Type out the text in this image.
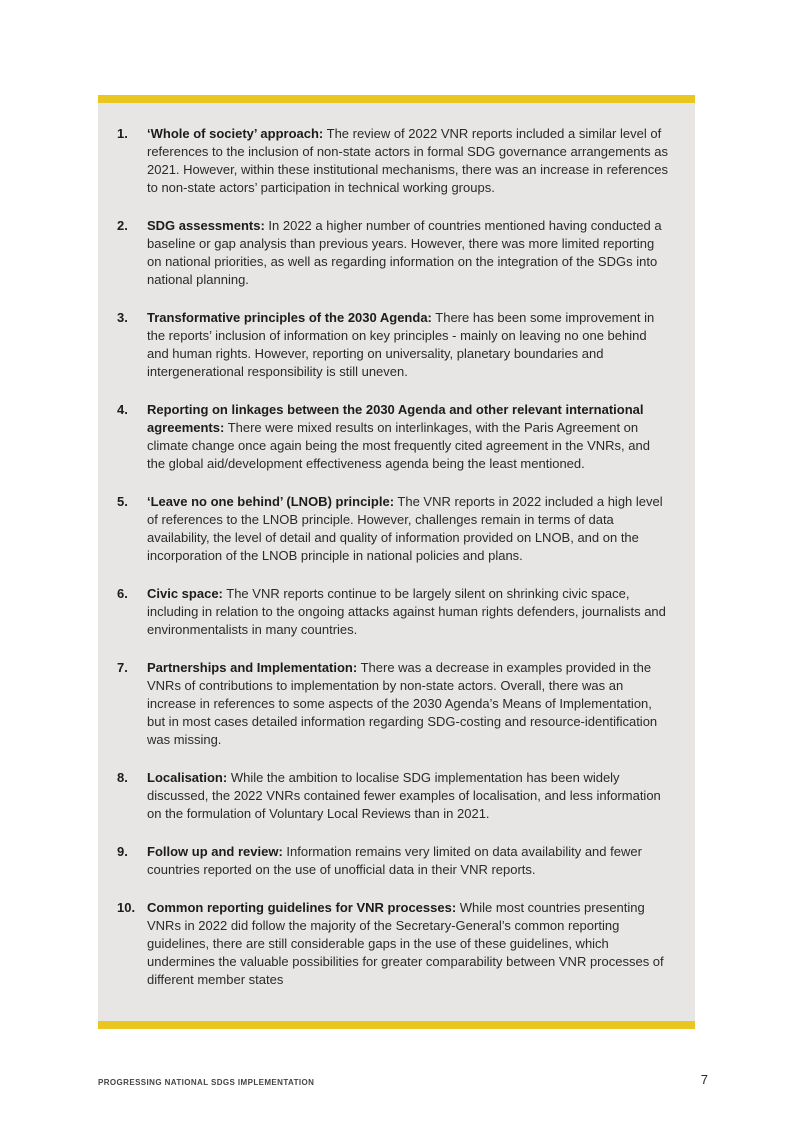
1.	‘Whole of society’ approach: The review of 2022 VNR reports included a similar level of references to the inclusion of non-state actors in formal SDG governance arrangements as 2021. However, within these institutional mechanisms, there was an increase in references to non-state actors’ participation in technical working groups.
2.	SDG assessments: In 2022 a higher number of countries mentioned having conducted a baseline or gap analysis than previous years. However, there was more limited reporting on national priorities, as well as regarding information on the integration of the SDGs into national planning.
3.	Transformative principles of the 2030 Agenda: There has been some improvement in the reports’ inclusion of information on key principles - mainly on leaving no one behind and human rights. However, reporting on universality, planetary boundaries and intergenerational responsibility is still uneven.
4.	Reporting on linkages between the 2030 Agenda and other relevant international agreements: There were mixed results on interlinkages, with the Paris Agreement on climate change once again being the most frequently cited agreement in the VNRs, and the global aid/development effectiveness agenda being the least mentioned.
5.	‘Leave no one behind’ (LNOB) principle: The VNR reports in 2022 included a high level of references to the LNOB principle. However, challenges remain in terms of data availability, the level of detail and quality of information provided on LNOB, and on the incorporation of the LNOB principle in national policies and plans.
6.	Civic space: The VNR reports continue to be largely silent on shrinking civic space, including in relation to the ongoing attacks against human rights defenders, journalists and environmentalists in many countries.
7.	Partnerships and Implementation: There was a decrease in examples provided in the VNRs of contributions to implementation by non-state actors. Overall, there was an increase in references to some aspects of the 2030 Agenda’s Means of Implementation, but in most cases detailed information regarding SDG-costing and resource-identification was missing.
8.	Localisation: While the ambition to localise SDG implementation has been widely discussed, the 2022 VNRs contained fewer examples of localisation, and less information on the formulation of Voluntary Local Reviews than in 2021.
9.	Follow up and review: Information remains very limited on data availability and fewer countries reported on the use of unofficial data in their VNR reports.
10. Common reporting guidelines for VNR processes: While most countries presenting VNRs in 2022 did follow the majority of the Secretary-General’s common reporting guidelines, there are still considerable gaps in the use of these guidelines, which undermines the valuable possibilities for greater comparability between VNR processes of different member states
PROGRESSING NATIONAL SDGS IMPLEMENTATION	7
